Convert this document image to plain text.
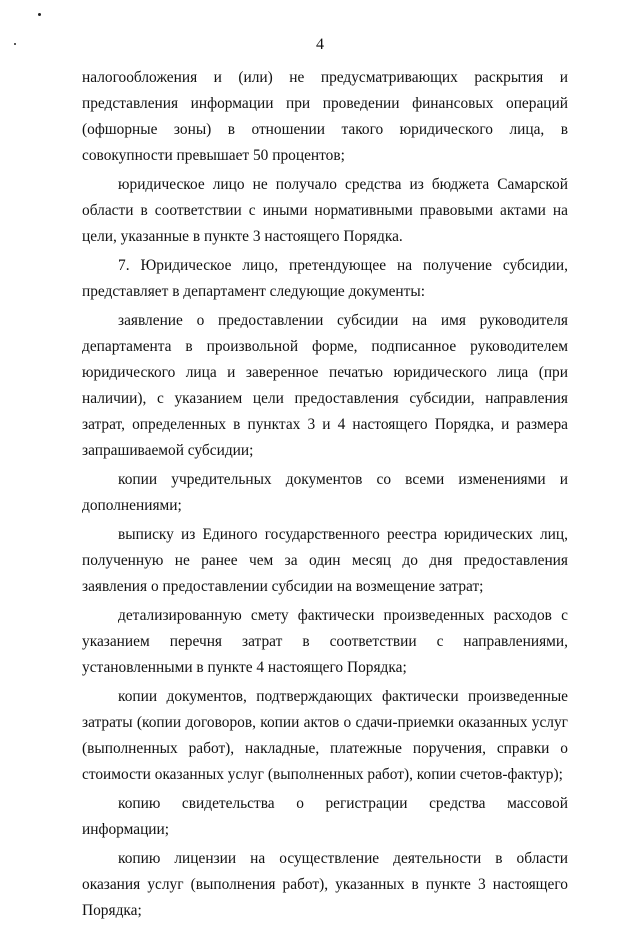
4

налогообложения и (или) не предусматривающих раскрытия и представления информации при проведении финансовых операций (офшорные зоны) в отношении такого юридического лица, в совокупности превышает 50 процентов;

юридическое лицо не получало средства из бюджета Самарской области в соответствии с иными нормативными правовыми актами на цели, указанные в пункте 3 настоящего Порядка.

7. Юридическое лицо, претендующее на получение субсидии, представляет в департамент следующие документы:

заявление о предоставлении субсидии на имя руководителя департамента в произвольной форме, подписанное руководителем юридического лица и заверенное печатью юридического лица (при наличии), с указанием цели предоставления субсидии, направления затрат, определенных в пунктах 3 и 4 настоящего Порядка, и размера запрашиваемой субсидии;

копии учредительных документов со всеми изменениями и дополнениями;

выписку из Единого государственного реестра юридических лиц, полученную не ранее чем за один месяц до дня предоставления заявления о предоставлении субсидии на возмещение затрат;

детализированную смету фактически произведенных расходов с указанием перечня затрат в соответствии с направлениями, установленными в пункте 4 настоящего Порядка;

копии документов, подтверждающих фактически произведенные затраты (копии договоров, копии актов о сдачи-приемки оказанных услуг (выполненных работ), накладные, платежные поручения, справки о стоимости оказанных услуг (выполненных работ), копии счетов-фактур);

копию свидетельства о регистрации средства массовой информации;

копию лицензии на осуществление деятельности в области оказания услуг (выполнения работ), указанных в пункте 3 настоящего Порядка;
